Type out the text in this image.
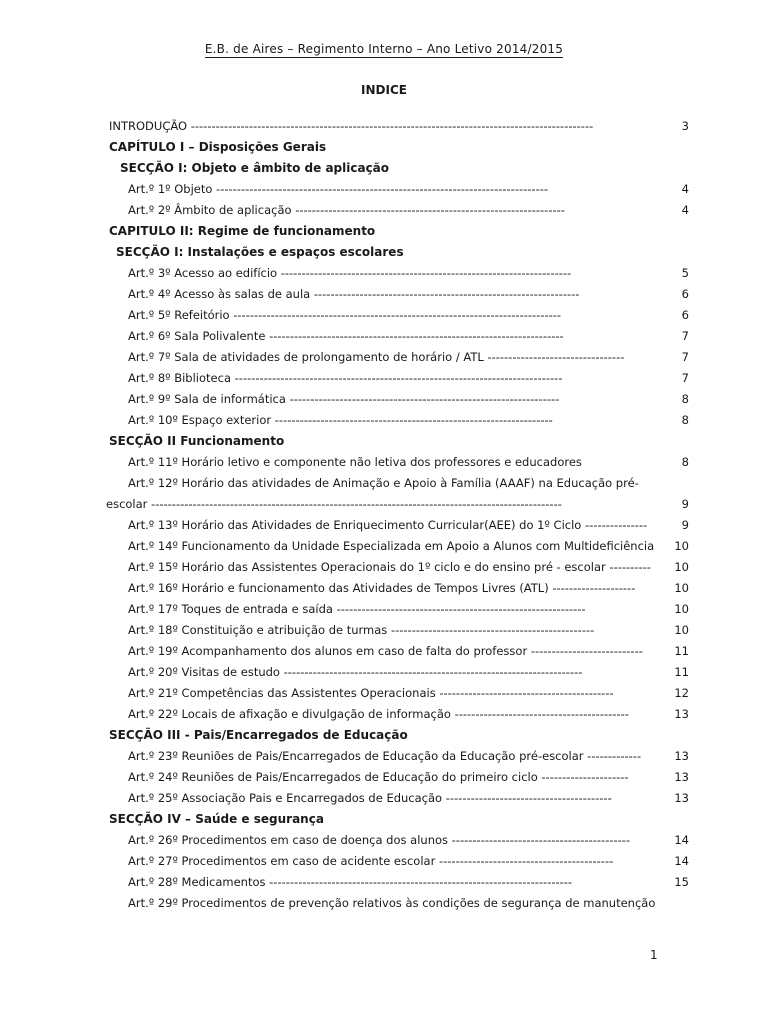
E.B. de Aires – Regimento Interno – Ano Letivo 2014/2015
INDICE
INTRODUÇÃO -------------------------------------------------------------------------------------------------	3
CAPÍTULO I – Disposições Gerais
SECÇÃO I: Objeto e âmbito de aplicação
Art.º 1º Objeto --------------------------------------------------------------------------------	4
Art.º 2º Âmbito de aplicação -----------------------------------------------------------------	4
CAPITULO II: Regime de funcionamento
SECÇÃO I: Instalações e espaços escolares
Art.º 3º Acesso ao edifício ----------------------------------------------------------------------	5
Art.º 4º Acesso às salas de aula ----------------------------------------------------------------	6
Art.º 5º Refeitório -------------------------------------------------------------------------------	6
Art.º 6º Sala Polivalente -----------------------------------------------------------------------	7
Art.º 7º Sala de atividades de prolongamento de horário / ATL ---------------------------------	7
Art.º 8º Biblioteca -------------------------------------------------------------------------------	7
Art.º 9º Sala de informática -----------------------------------------------------------------	8
Art.º 10º Espaço exterior -------------------------------------------------------------------	8
SECÇÃO II Funcionamento
Art.º 11º Horário letivo e componente não letiva dos professores e educadores	8
Art.º 12º Horário das atividades de Animação e Apoio à Família (AAAF) na Educação pré-
escolar ---------------------------------------------------------------------------------------------------	9
Art.º 13º Horário das Atividades de Enriquecimento Curricular(AEE) do 1º Ciclo ---------------	9
Art.º 14º Funcionamento da Unidade Especializada em Apoio a Alunos com Multideficiência	10
Art.º 15º Horário das Assistentes Operacionais do 1º ciclo e do ensino pré - escolar ----------	10
Art.º 16º Horário e funcionamento das Atividades de Tempos Livres (ATL) --------------------	10
Art.º 17º Toques de entrada e saída ------------------------------------------------------------	10
Art.º 18º Constituição e atribuição de turmas -------------------------------------------------	10
Art.º 19º Acompanhamento dos alunos em caso de falta do professor ---------------------------	11
Art.º 20º Visitas de estudo ------------------------------------------------------------------------	11
Art.º 21º Competências das Assistentes Operacionais ------------------------------------------	12
Art.º 22º Locais de afixação e divulgação de informação ------------------------------------------	13
SECÇÃO III - Pais/Encarregados de Educação
Art.º 23º Reuniões de Pais/Encarregados de Educação da Educação pré-escolar -------------	13
Art.º 24º Reuniões de Pais/Encarregados de Educação do primeiro ciclo ---------------------	13
Art.º 25º Associação Pais e Encarregados de Educação ----------------------------------------	13
SECÇÃO IV – Saúde e segurança
Art.º 26º Procedimentos em caso de doença dos alunos -------------------------------------------	14
Art.º 27º Procedimentos em caso de acidente escolar ------------------------------------------	14
Art.º 28º Medicamentos -------------------------------------------------------------------------	15
Art.º 29º Procedimentos de prevenção relativos às condições de segurança de manutenção
1
